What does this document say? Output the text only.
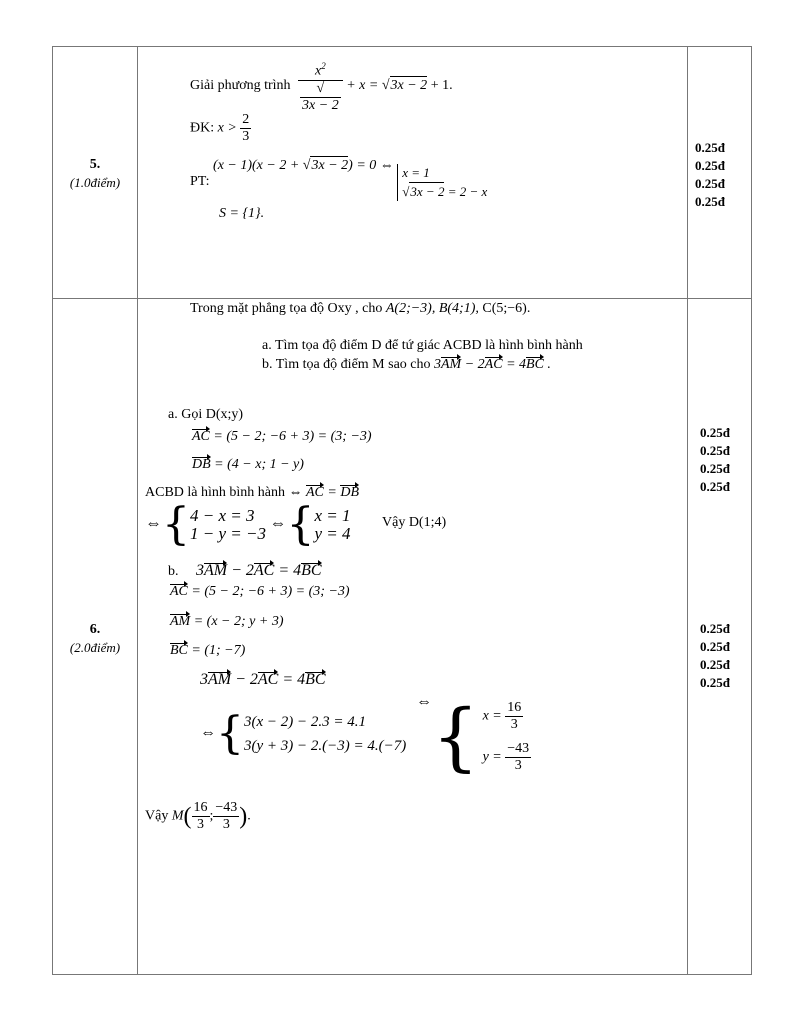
5.
(1.0điểm)
Giải phương trình $x^2$
√
3x − 2 + x = √3x − 2 + 1.
ĐK: $x > \frac{2}{3}$
PT: (x − 1)(x − 2 + √3x − 2) = 0 ⇔ x = 1
√3x − 2 = 2 − x
S = {1}.
0.25đ
0.25đ
0.25đ
0.25đ
6.
(2.0điểm)
Trong mặt phẳng tọa độ Oxy , cho A(2;−3), B(4;1), C(5;−6).
a. Tìm tọa độ điểm D để tứ giác ACBD là hình bình hành
b. Tìm tọa độ điểm M sao cho 3AM − 2AC = 4BC .
a. Gọi D(x;y)
AC = (5 − 2; −6 + 3) = (3; −3)
DB = (4 − x; 1 − y)
ACBD là hình bình hành ⇔ AC = DB
⇔{ 4 − x = 3
1 − y = −3
⇔{ x = 1
y = 4
Vậy D(1;4)
b. 3AM − 2AC = 4BC
AC = (5 − 2; −6 + 3) = (3; −3)
AM = (x − 2; y + 3)
BC = (1; −7)
3AM − 2AC = 4BC
⇔{ 3(x − 2) − 2.3 = 4.1
3(y + 3) − 2.(−3) = 4.(−7)
⇔{ $x = \frac{16}{3}$
$y = \frac{-43}{3}$
Vậy $M( \frac{16}{3}$ ; $\frac{-43}{3}$ ).
0.25đ
0.25đ
0.25đ
0.25đ
0.25đ
0.25đ
0.25đ
0.25đ
